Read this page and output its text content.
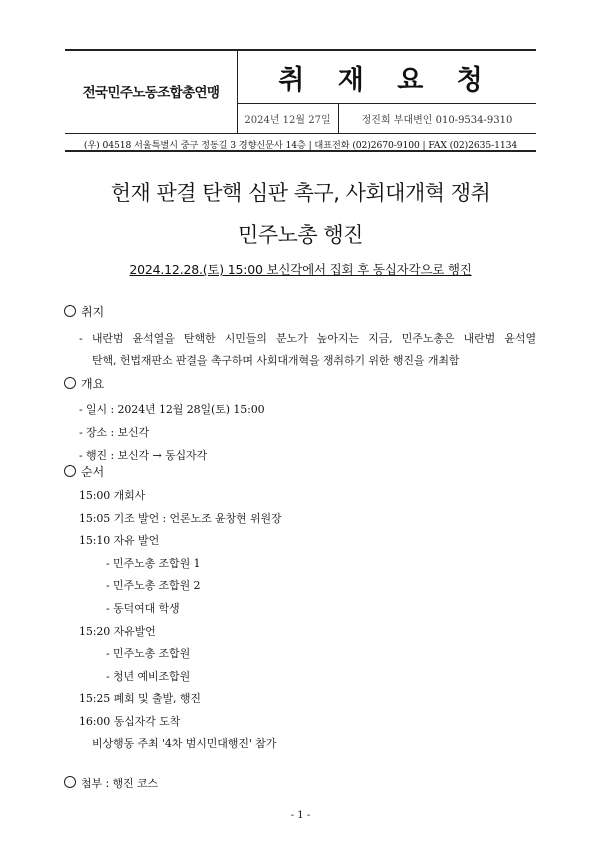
전국민주노동조합총연맹	취 재 요 청
2024년 12월 27일	정진희 부대변인 010-9534-9310
(우) 04518 서울특별시 중구 정동길 3 경향신문사 14층 | 대표전화 (02)2670-9100 | FAX (02)2635-1134
헌재 판결 탄핵 심판 촉구, 사회대개혁 쟁취
민주노총 행진
2024.12.28.(토) 15:00 보신각에서 집회 후 동십자각으로 행진
취지
- 내란범 윤석열을 탄핵한 시민들의 분노가 높아지는 지금, 민주노총은 내란범 윤석열
탄핵, 헌법재판소 판결을 촉구하며 사회대개혁을 쟁취하기 위한 행진을 개최함
개요
- 일시 : 2024년 12월 28일(토) 15:00
- 장소 : 보신각
- 행진 : 보신각 → 동십자각
순서
15:00 개회사
15:05 기조 발언 : 언론노조 윤창현 위원장
15:10 자유 발언
- 민주노총 조합원 1
- 민주노총 조합원 2
- 동덕여대 학생
15:20 자유발언
- 민주노총 조합원
- 청년 예비조합원
15:25 폐회 및 출발, 행진
16:00 동십자각 도착
비상행동 주최 '4차 범시민대행진' 참가
첨부 : 행진 코스
- 1 -
